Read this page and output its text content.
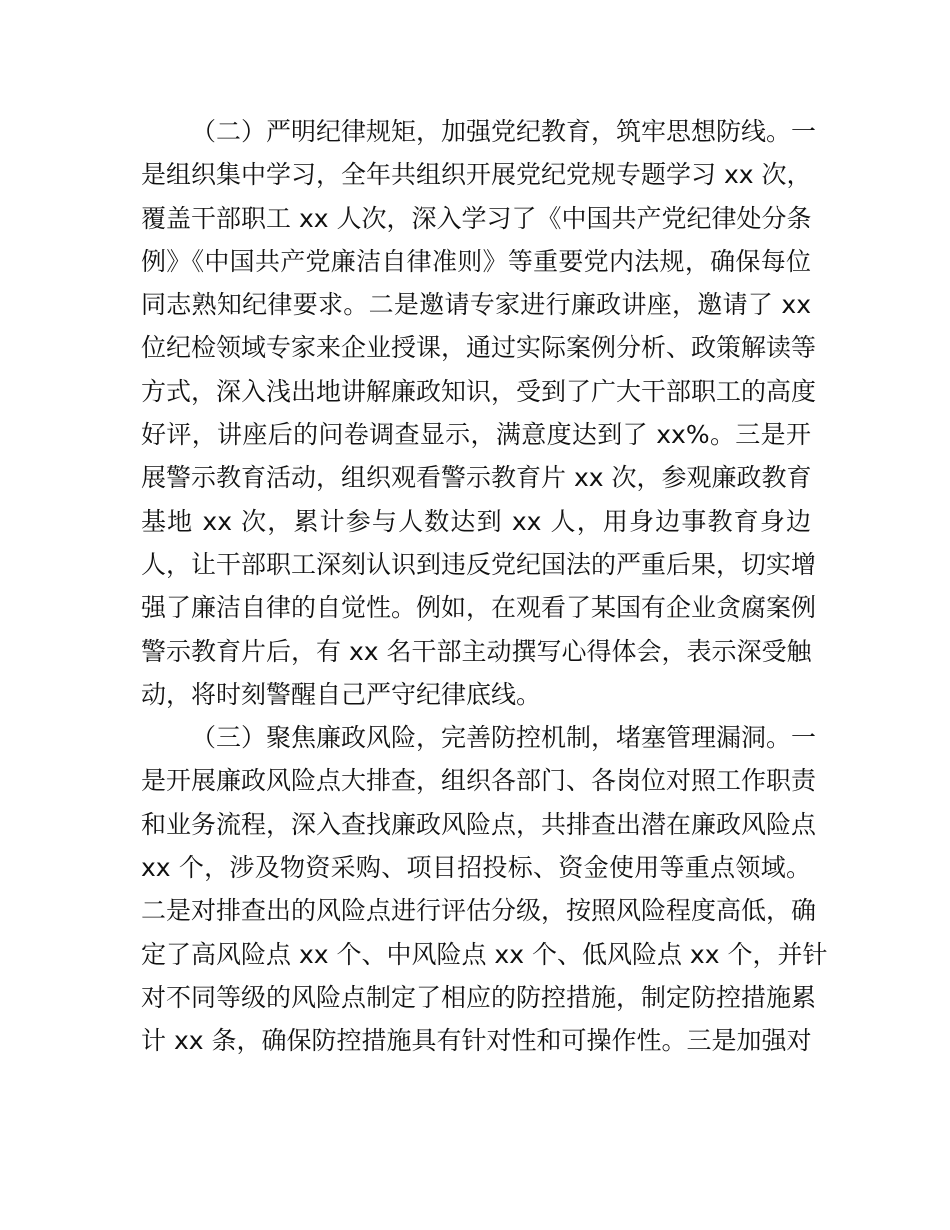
（二）严明纪律规矩，加强党纪教育，筑牢思想防线。一
是组织集中学习，全年共组织开展党纪党规专题学习 xx 次，
覆盖干部职工 xx 人次，深入学习了《中国共产党纪律处分条
例》《中国共产党廉洁自律准则》等重要党内法规，确保每位
同志熟知纪律要求。二是邀请专家进行廉政讲座，邀请了 xx
位纪检领域专家来企业授课，通过实际案例分析、政策解读等
方式，深入浅出地讲解廉政知识，受到了广大干部职工的高度
好评，讲座后的问卷调查显示，满意度达到了 xx%。三是开
展警示教育活动，组织观看警示教育片 xx 次，参观廉政教育
基地 xx 次，累计参与人数达到 xx 人，用身边事教育身边
人，让干部职工深刻认识到违反党纪国法的严重后果，切实增
强了廉洁自律的自觉性。例如，在观看了某国有企业贪腐案例
警示教育片后，有 xx 名干部主动撰写心得体会，表示深受触
动，将时刻警醒自己严守纪律底线。
（三）聚焦廉政风险，完善防控机制，堵塞管理漏洞。一
是开展廉政风险点大排查，组织各部门、各岗位对照工作职责
和业务流程，深入查找廉政风险点，共排查出潜在廉政风险点
xx 个，涉及物资采购、项目招投标、资金使用等重点领域。
二是对排查出的风险点进行评估分级，按照风险程度高低，确
定了高风险点 xx 个、中风险点 xx 个、低风险点 xx 个，并针
对不同等级的风险点制定了相应的防控措施，制定防控措施累
计 xx 条，确保防控措施具有针对性和可操作性。三是加强对
